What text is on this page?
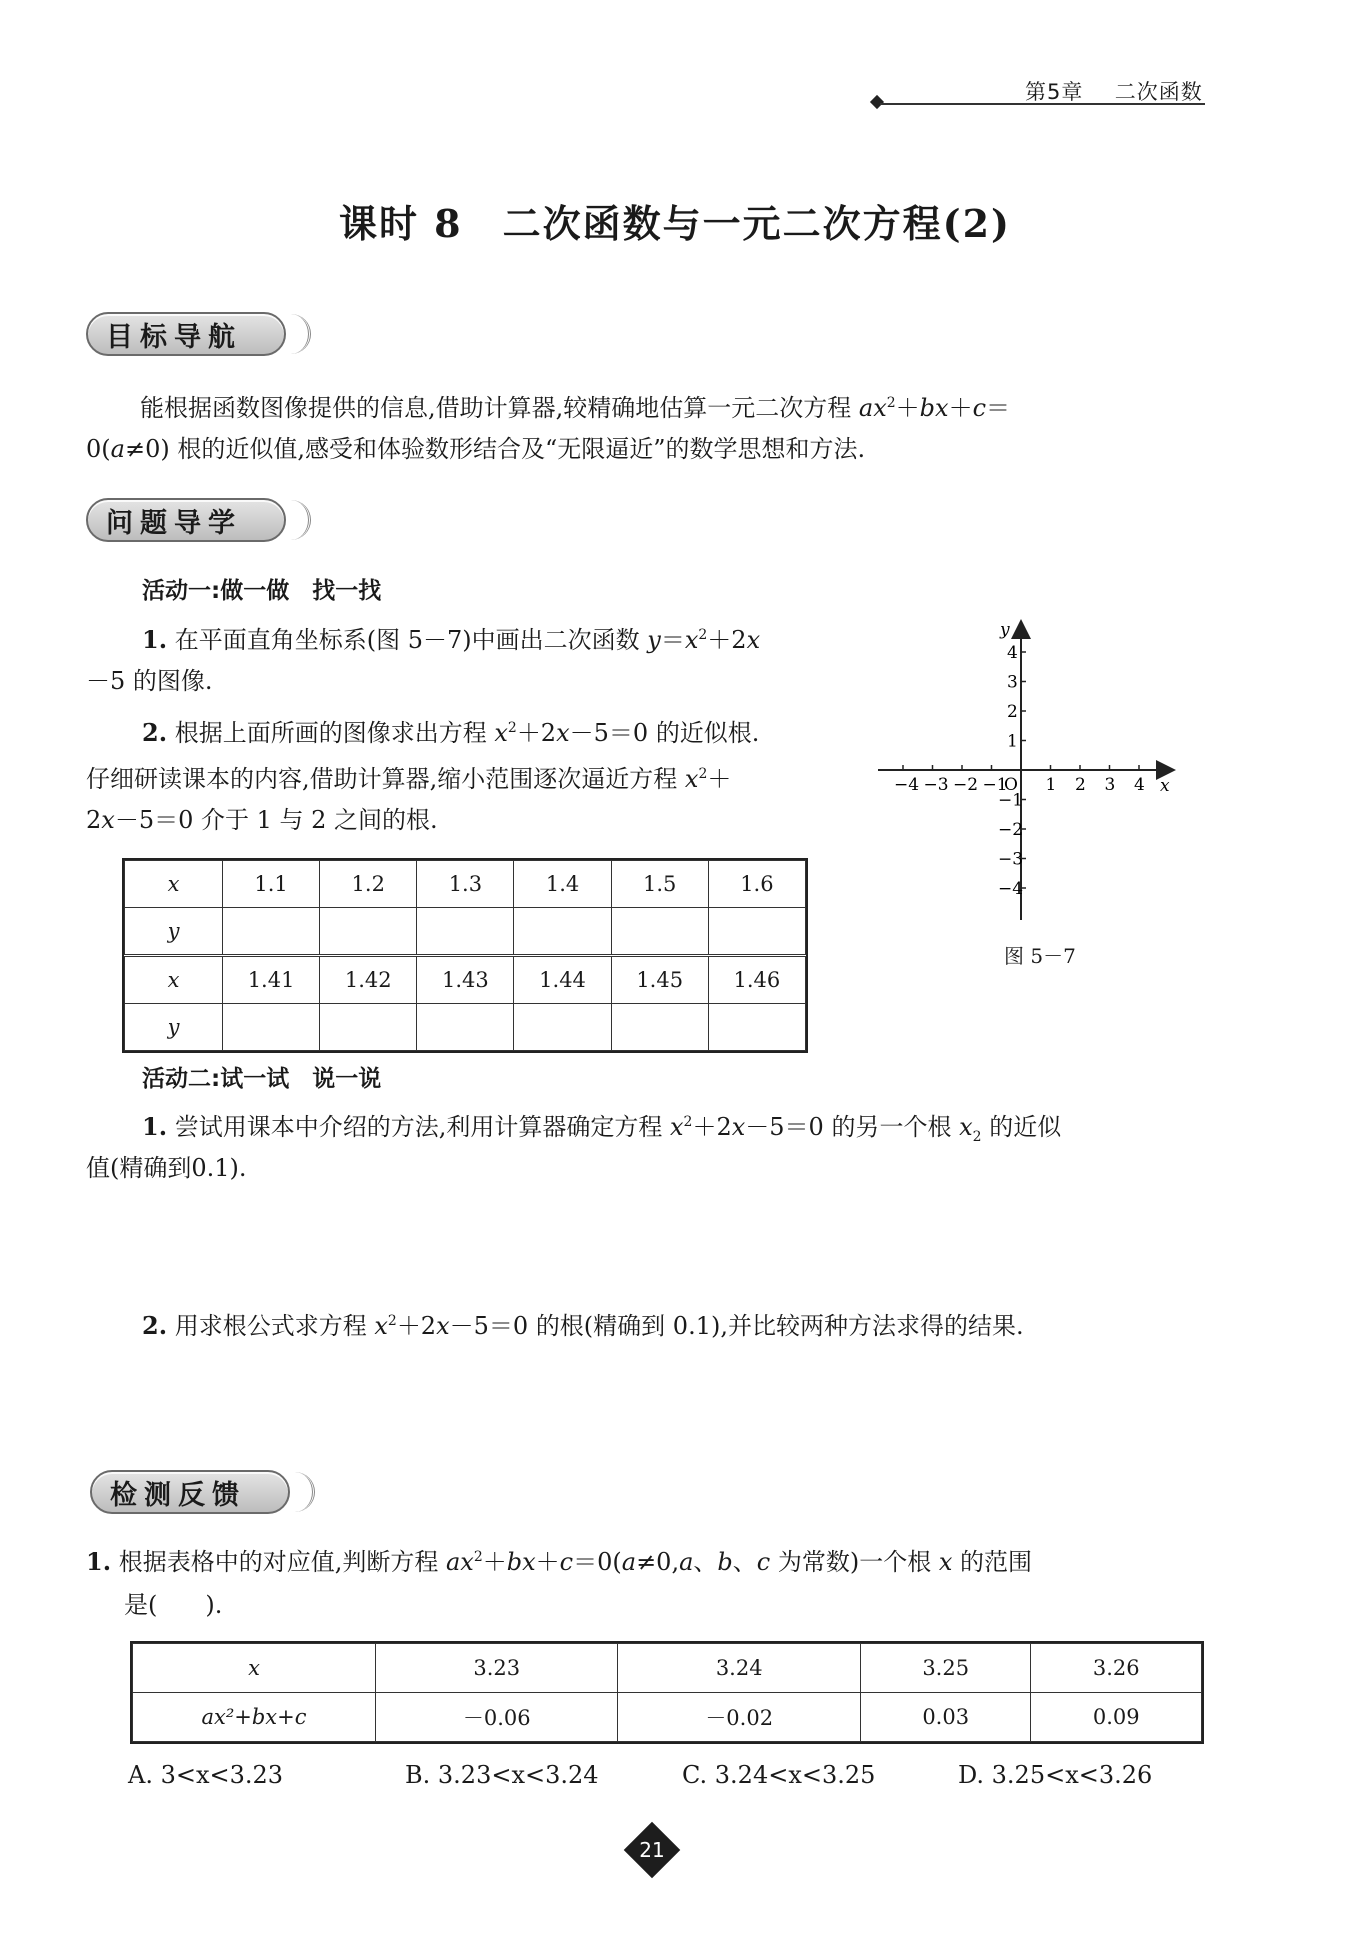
第5章 二次函数
课时 8　二次函数与一元二次方程(2)
目标导航
能根据函数图像提供的信息,借助计算器,较精确地估算一元二次方程 $ax^2+bx+c=$
0(a≠0) 根的近似值,感受和体验数形结合及“无限逼近”的数学思想和方法.
问题导学
活动一:做一做　找一找
1. 在平面直角坐标系(图 5－7)中画出二次函数 $y=x^2+2x$
－5 的图像.
2. 根据上面所画的图像求出方程 $x^2+2x-5=0$ 的近似根.
仔细研读课本的内容,借助计算器,缩小范围逐次逼近方程 $x^2+$
2x－5＝0 介于 1 与 2 之间的根.
x	1.1	1.2	1.3	1.4	1.5	1.6
y						
x	1.41	1.42	1.43	1.44	1.45	1.46
y						
−4 −3 −2 −1 1 2 3 4
4
3
2
1
−1
−2
−3
−4
x
y
O
图 5－7
活动二:试一试　说一说
1. 尝试用课本中介绍的方法,利用计算器确定方程 $x^2+2x-5=0$ 的另一个根 $x_2$ 的近似
值(精确到0.1).
2. 用求根公式求方程 $x^2+2x-5=0$ 的根(精确到 0.1),并比较两种方法求得的结果.
检测反馈
1. 根据表格中的对应值,判断方程 $ax^2+bx+c=0(a\ne 0,a$、b、c 为常数)一个根 x 的范围
是(　　).
x	3.23	3.24	3.25	3.26
ax²+bx+c	－0.06	－0.02	0.03	0.09
A. 3<x<3.23	B. 3.23<x<3.24	C. 3.24<x<3.25	D. 3.25<x<3.26
21
